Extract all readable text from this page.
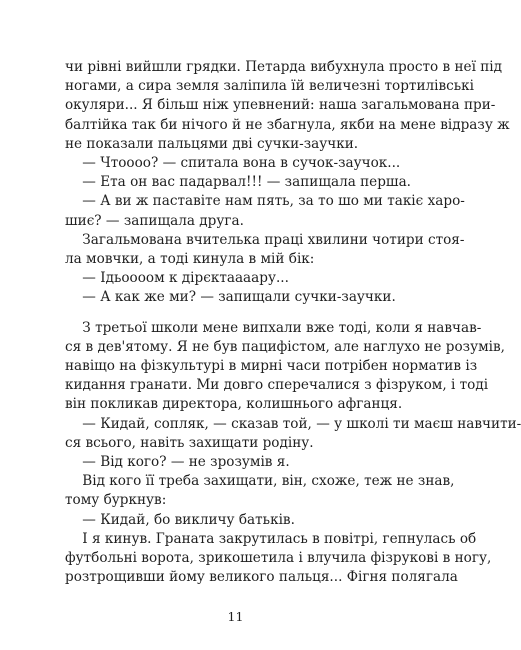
чи рівні вийшли грядки. Петарда вибухнула просто в неї під
ногами, а сира земля заліпила їй величезні тортилівські
окуляри... Я більш ніж упевнений: наша загальмована при-
балтійка так би нічого й не збагнула, якби на мене відразу ж
не показали пальцями дві сучки-заучки.
— Чтоооо? — спитала вона в сучок-заучок...
— Ета он вас падарвал!!! — запищала перша.
— А ви ж паставіте нам пять, за то шо ми такіє харо-
шиє? — запищала друга.
Загальмована вчителька праці хвилини чотири стоя-
ла мовчки, а тоді кинула в мій бік:
— Ідьоооом к дірєктаааару...
— А как же ми? — запищали сучки-заучки.
З третьої школи мене випхали вже тоді, коли я навчав-
ся в дев'ятому. Я не був пацифістом, але наглухо не розумів,
навіщо на фізкультурі в мирні часи потрібен норматив із
кидання гранати. Ми довго сперечалися з фізруком, і тоді
він покликав директора, колишнього афганця.
— Кидай, сопляк, — сказав той, — у школі ти маєш навчити-
ся всього, навіть захищати родіну.
— Від кого? — не зрозумів я.
Від кого її треба захищати, він, схоже, теж не знав,
тому буркнув:
— Кидай, бо викличу батьків.
І я кинув. Граната закрутилась в повітрі, гепнулась об
футбольні ворота, зрикошетила і влучила фізрукові в ногу,
розтрощивши йому великого пальця... Фігня полягала
11
